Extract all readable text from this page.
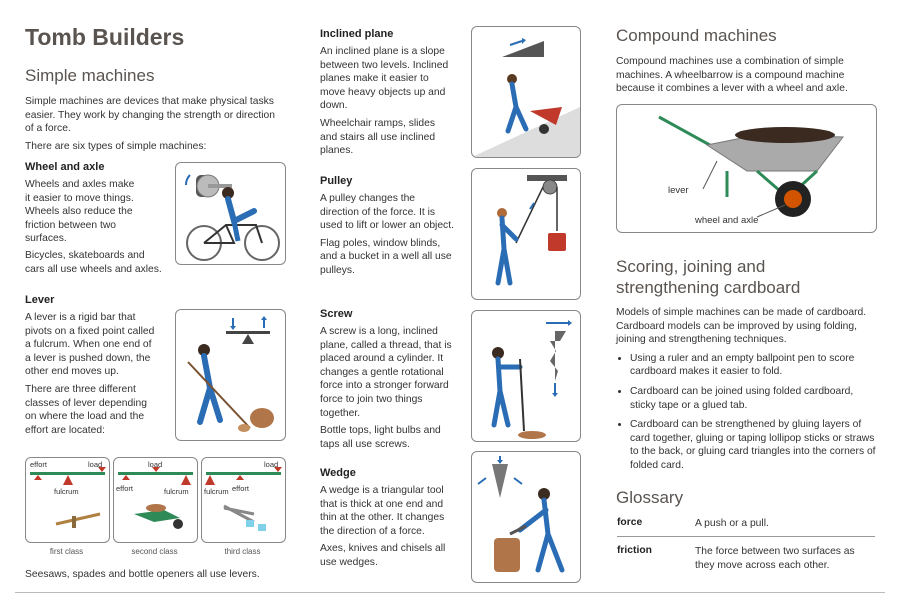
Tomb Builders
Simple machines

Simple machines are devices that make physical tasks easier. They work by changing the strength or direction of a force.

There are six types of simple machines:

Wheel and axle

Wheels and axles make it easier to move things. Wheels also reduce the friction between two surfaces.

Bicycles, skateboards and cars all use wheels and axles.

Lever

A lever is a rigid bar that pivots on a fixed point called a fulcrum. When one end of a lever is pushed down, the other end moves up.

There are three different classes of lever depending on where the load and the effort are located:

effort	load
fulcrum
first class
load
effort	fulcrum
second class
fulcrum effort
load
third class

Seesaws, spades and bottle openers all use levers.

Inclined plane

An inclined plane is a slope between two levels. Inclined planes make it easier to move heavy objects up and down.

Wheelchair ramps, slides and stairs all use inclined planes.

Pulley

A pulley changes the direction of the force. It is used to lift or lower an object.

Flag poles, window blinds, and a bucket in a well all use pulleys.

Screw

A screw is a long, inclined plane, called a thread, that is placed around a cylinder. It changes a gentle rotational force into a stronger forward force to join two things together.

Bottle tops, light bulbs and taps all use screws.

Wedge

A wedge is a triangular tool that is thick at one end and thin at the other. It changes the direction of a force.

Axes, knives and chisels all use wedges.

Compound machines

Compound machines use a combination of simple machines. A wheelbarrow is a compound machine because it combines a lever with a wheel and axle.

lever
wheel and axle
Scoring, joining and strengthening cardboard

Models of simple machines can be made of cardboard. Cardboard models can be improved by using folding, joining and strengthening techniques.

• Using a ruler and an empty ballpoint pen to score cardboard makes it easier to fold.
• Cardboard can be joined using folded cardboard, sticky tape or a glued tab.
• Cardboard can be strengthened by gluing layers of card together, gluing or taping lollipop sticks or straws to the back, or gluing card triangles into the corners of folded card.
Glossary
force	A push or a pull.
friction	The force between two surfaces as they move across each other.
